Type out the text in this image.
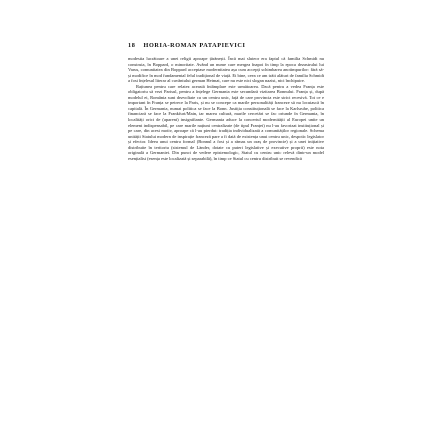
18 HORIA-ROMAN PATAPIEVICI

modestia lucrătoare a unei religii aproape țărănești. Încă mai sluteor era faptul că familia Schmidt nu construia, în Boppard, o minoritate. Având un nume care mergea înapoi în timp la epoca dezastrului lui Varus, comunitatea din Boppard acceptase modernitatea așa cum accepți schimbarea anotimpurilor: fără să-și modifice în mod fundamental felul tradițional de viață. Ei bine, ceea ce am trăit alături de familia Schmidt a fost înțelesul literar al cuvântului german Heimat, care nu este nici slogan nazist, nici închipuire.

Rațiunea pentru care relatez această întâmplare este următoarea. Dacă pentru a vedea Franța este obligatoriu să vezi Parisul, pentru a înțelege Germania este secundară vizitarea Bonnului. Franța și, după modelul ei, România sunt dezvoltate cu un centru unic, față de care provincia este strict recesivă. Tot ce e important în Franța se petrece la Paris, și nu se concepe ca marile personalități franceze să nu locuiască în capitală. În Germania, numai politica se face la Bonn. Justiția constituțională se face la Karlsruhe, politica financiară se face la Frankfurt/Main, iar marea cultură, marile cercetări se fac oriunde în Germania, în localități orict de (aparent) insignifiante. Germania aduce la concertul modernității al Europei unite un element indispensabil, pe care marile națiuni centralizate (de tipul Franței) nu l-au favorizat instituțional și pe care, din acest motiv, aproape că l-au pierdut: tradiția individualizată a comunităților regionale. Schema unității Statului modern de inspirație franceză pare a fi dată de existența unui centru unic, despotic legislator și efector. Ideea unui centru formal (Bonnul a fost și a rămas un oraș de provincie) și a unei inițiative distribuite în teritoriu (sistemul de Länder, dotate cu puteri legislative și executive proprii) este nota originală a Germaniei. Din punct de vedere epistemologic, Statul cu centru unic relevă dintr-un model esențialist (esența este localizată și separabilă), în timp ce Statul cu centru distribuit se revendică
